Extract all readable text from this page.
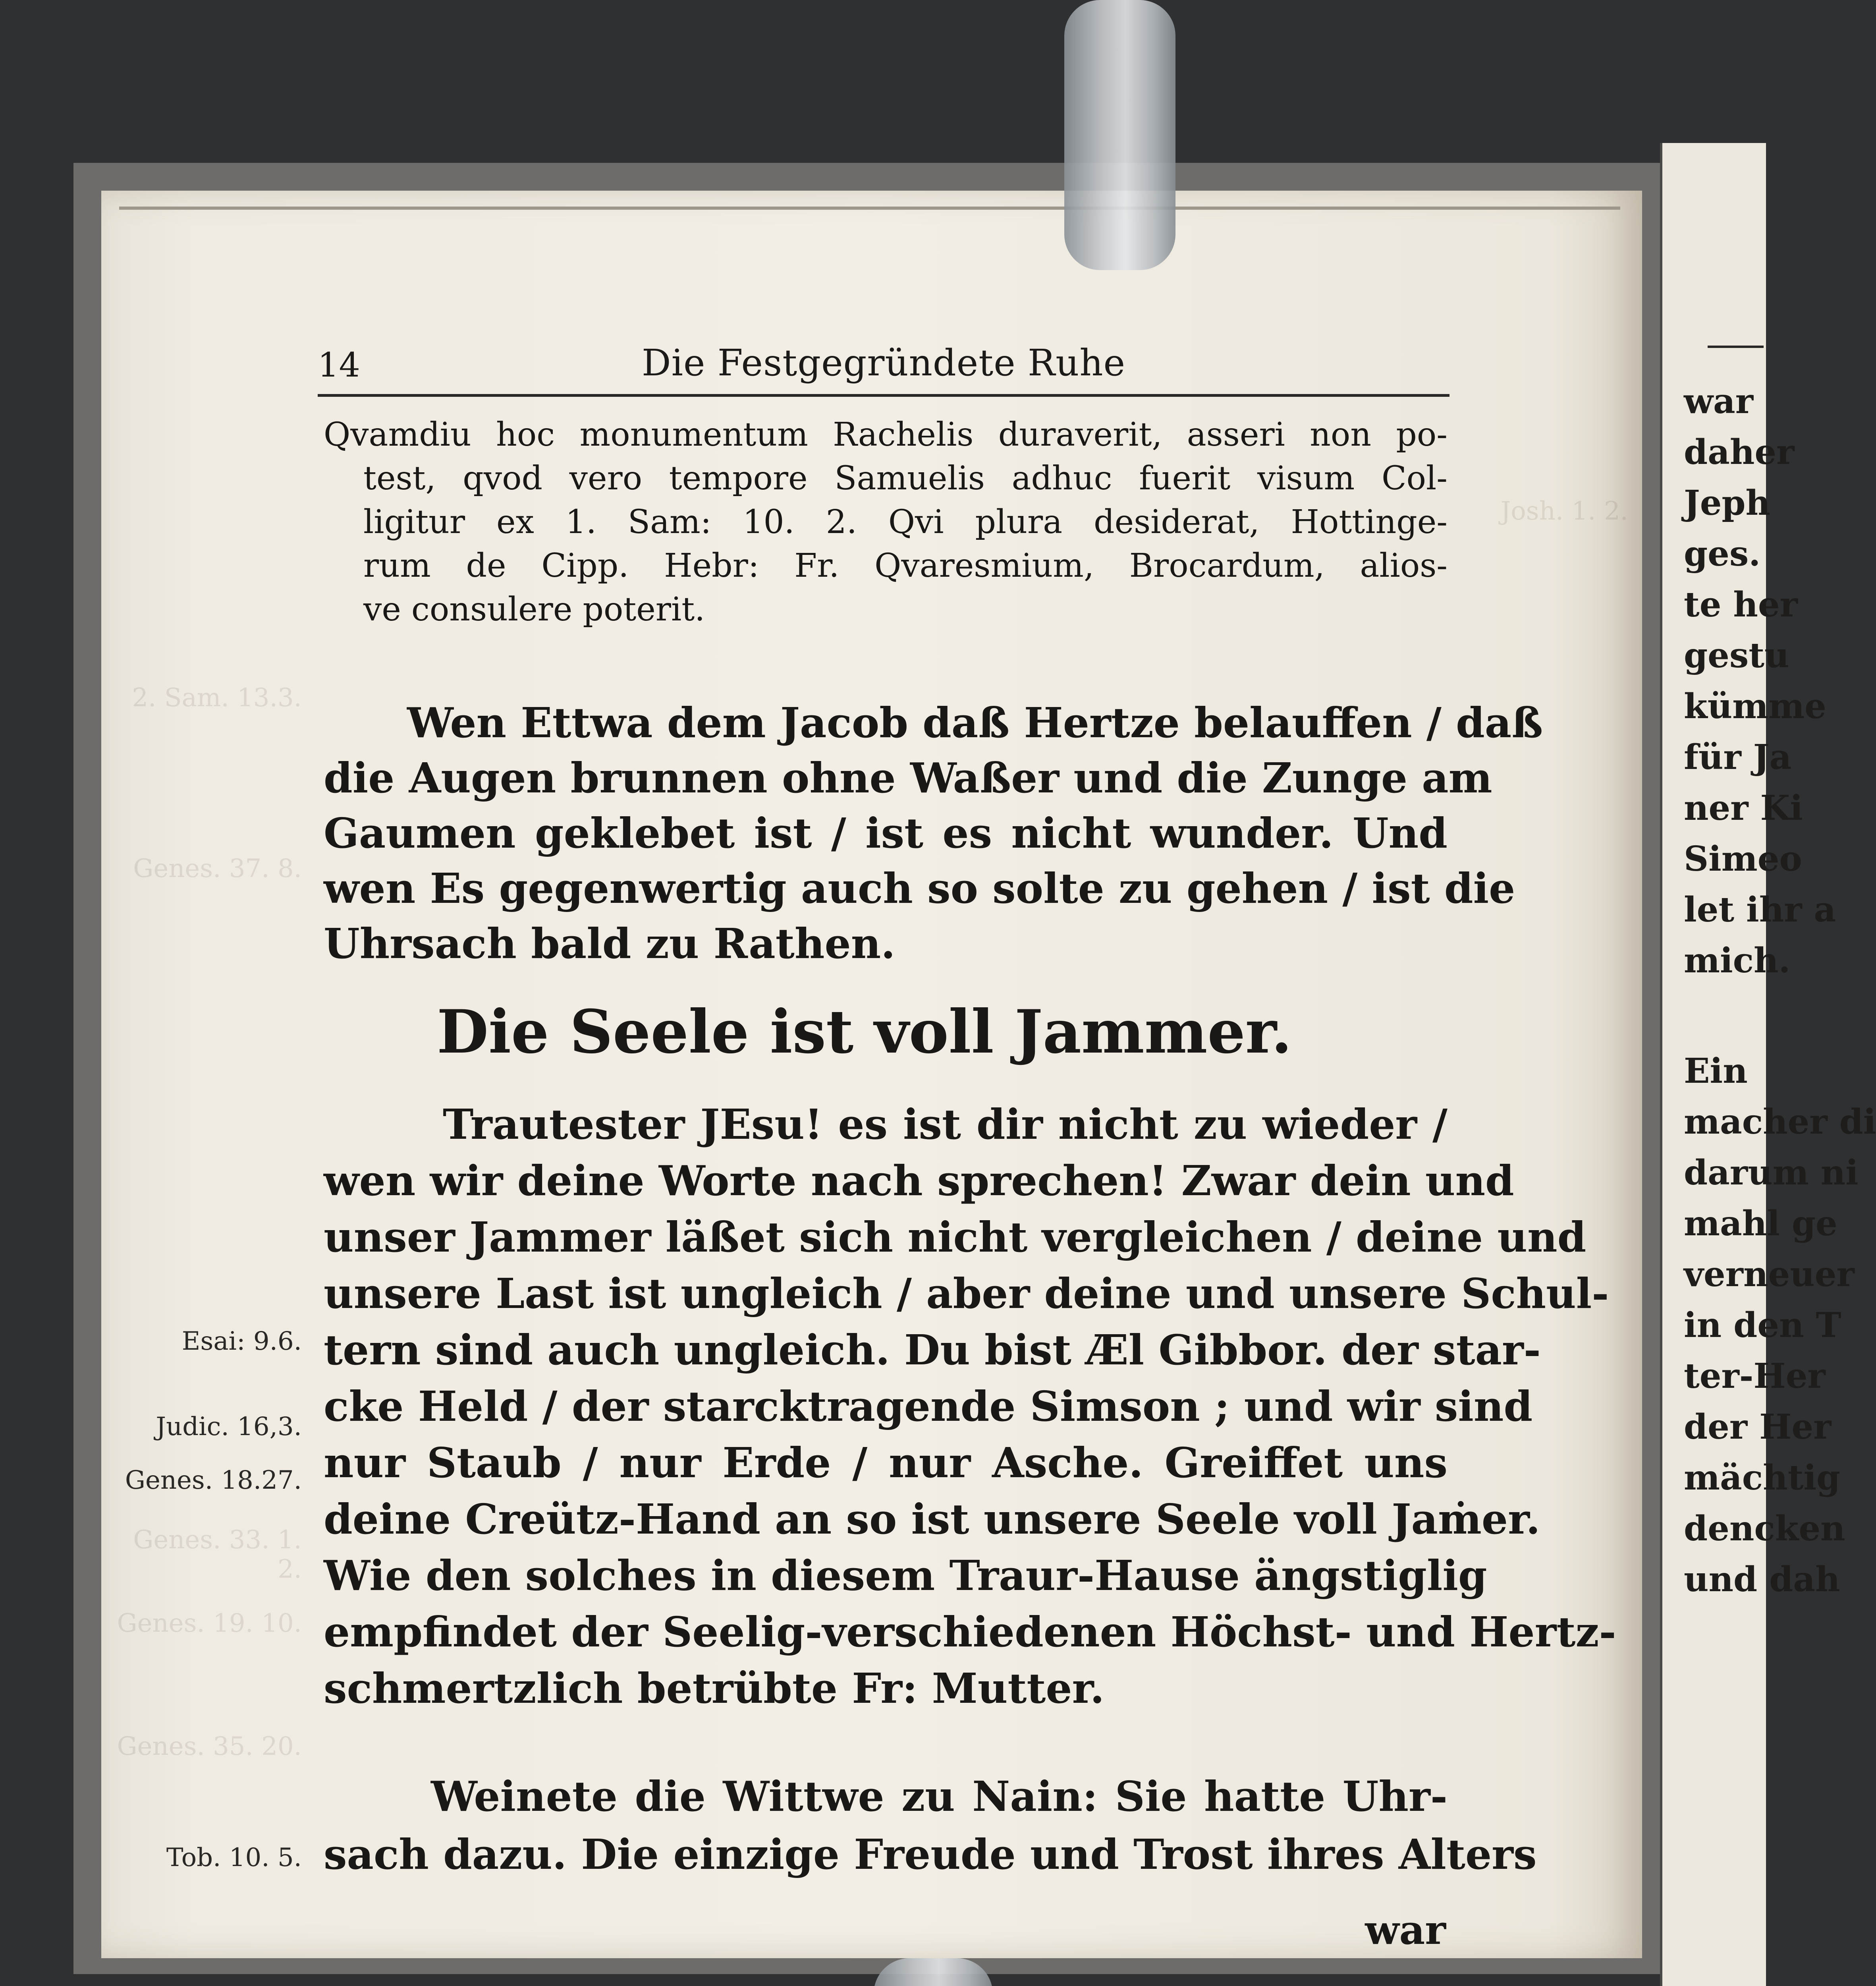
Josh. 1. 2.
2. Sam. 13.3.
Genes. 37. 8.
Genes. 33. 1. 2.
Genes. 19. 10.
Genes. 35. 20.
14	Die Festgegründete Ruhe
Qvamdiu hoc monumentum Rachelis duraverit, asseri non po-
test, qvod vero tempore Samuelis adhuc fuerit visum Col-
ligitur ex 1. Sam: 10. 2. Qvi plura desiderat, Hottinge-
rum de Cipp. Hebr: Fr. Qvaresmium, Brocardum, alios-
ve consulere poterit.
Wen Ettwa dem Jacob daß Hertze belauffen / daß
die Augen brunnen ohne Waßer und die Zunge am
Gaumen geklebet ist / ist es nicht wunder. Und
wen Es gegenwertig auch so solte zu gehen / ist die
Uhrsach bald zu Rathen.
Die Seele ist voll Jammer.
Trautester JEsu! es ist dir nicht zu wieder /
wen wir deine Worte nach sprechen! Zwar dein und
unser Jammer läßet sich nicht vergleichen / deine und
unsere Last ist ungleich / aber deine und unsere Schul-
tern sind auch ungleich. Du bist Æl Gibbor. der star-
cke Held / der starcktragende Simson ; und wir sind
nur Staub / nur Erde / nur Asche. Greiffet uns
deine Creütz-Hand an so ist unsere Seele voll Jaṁer.
Wie den solches in diesem Traur-Hause ängstiglig
empfindet der Seelig-verschiedenen Höchst- und Hertz-
schmertzlich betrübte Fr: Mutter.
Weinete die Wittwe zu Nain: Sie hatte Uhr-
sach dazu. Die einzige Freude und Trost ihres Alters
war
Esai: 9.6.
Judic. 16,3.
Genes. 18.27.
Tob. 10. 5.
war
daher
Jeph
ges.
te her
gestu
kümme
für Ja
ner Ki
Simeo
let ihr a
mich.
Ein
macher di
darum ni
mahl ge
verneuer
in den T
ter-Her
der Her
mächtig
dencken
und dah
